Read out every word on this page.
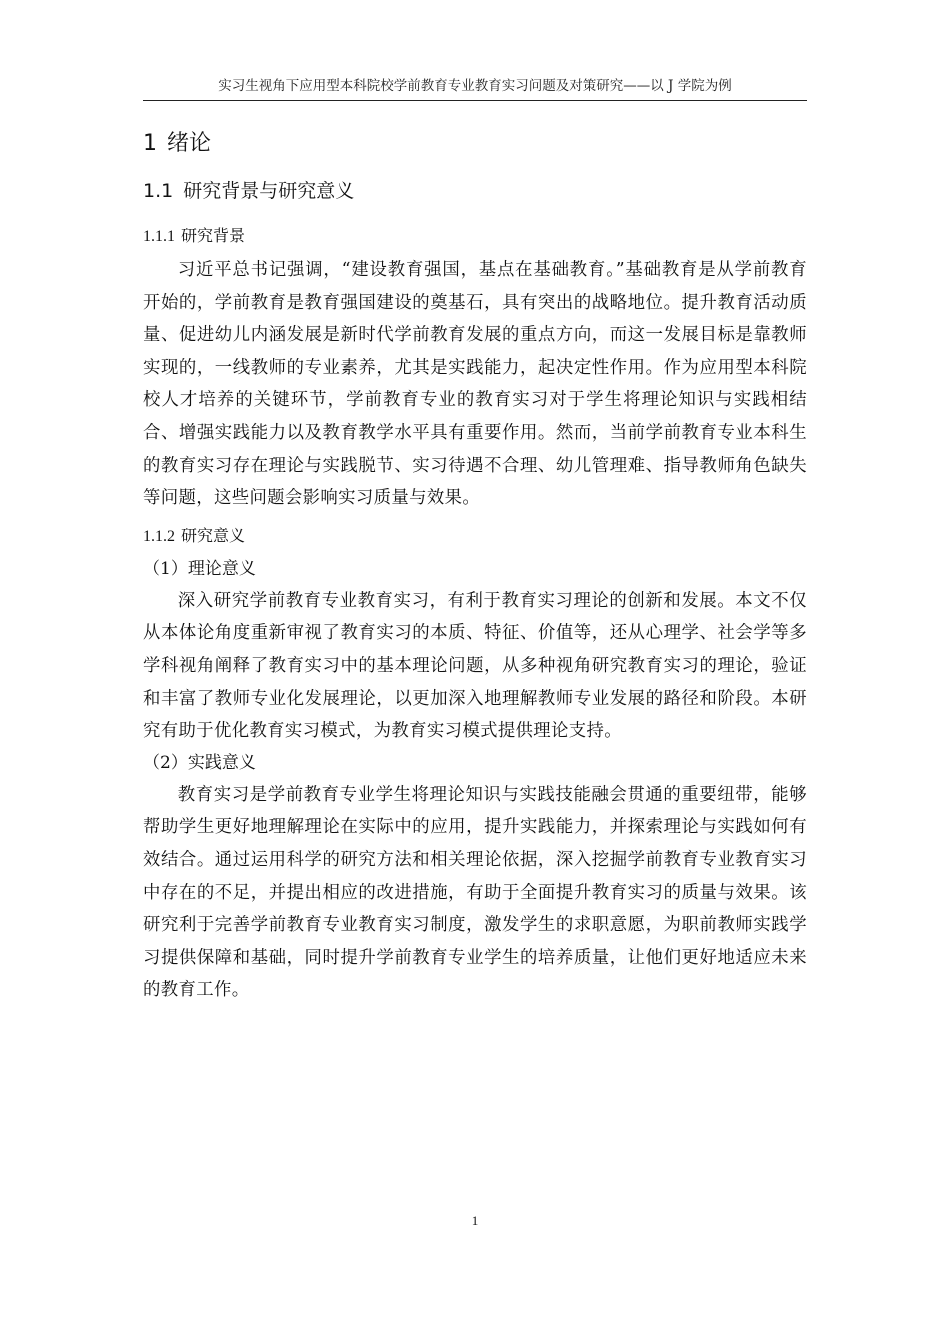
实习生视角下应用型本科院校学前教育专业教育实习问题及对策研究——以 J 学院为例
1 绪论
1.1 研究背景与研究意义
1.1.1 研究背景

习近平总书记强调，“建设教育强国，基点在基础教育。”基础教育是从学前教育开始的，学前教育是教育强国建设的奠基石，具有突出的战略地位。提升教育活动质量、促进幼儿内涵发展是新时代学前教育发展的重点方向，而这一发展目标是靠教师实现的，一线教师的专业素养，尤其是实践能力，起决定性作用。作为应用型本科院校人才培养的关键环节，学前教育专业的教育实习对于学生将理论知识与实践相结合、增强实践能力以及教育教学水平具有重要作用。然而，当前学前教育专业本科生的教育实习存在理论与实践脱节、实习待遇不合理、幼儿管理难、指导教师角色缺失等问题，这些问题会影响实习质量与效果。

1.1.2 研究意义
（1）理论意义

深入研究学前教育专业教育实习，有利于教育实习理论的创新和发展。本文不仅从本体论角度重新审视了教育实习的本质、特征、价值等，还从心理学、社会学等多学科视角阐释了教育实习中的基本理论问题，从多种视角研究教育实习的理论，验证和丰富了教师专业化发展理论，以更加深入地理解教师专业发展的路径和阶段。本研究有助于优化教育实习模式，为教育实习模式提供理论支持。

（2）实践意义

教育实习是学前教育专业学生将理论知识与实践技能融会贯通的重要纽带，能够帮助学生更好地理解理论在实际中的应用，提升实践能力，并探索理论与实践如何有效结合。通过运用科学的研究方法和相关理论依据，深入挖掘学前教育专业教育实习中存在的不足，并提出相应的改进措施，有助于全面提升教育实习的质量与效果。该研究利于完善学前教育专业教育实习制度，激发学生的求职意愿，为职前教师实践学习提供保障和基础，同时提升学前教育专业学生的培养质量，让他们更好地适应未来的教育工作。

1
